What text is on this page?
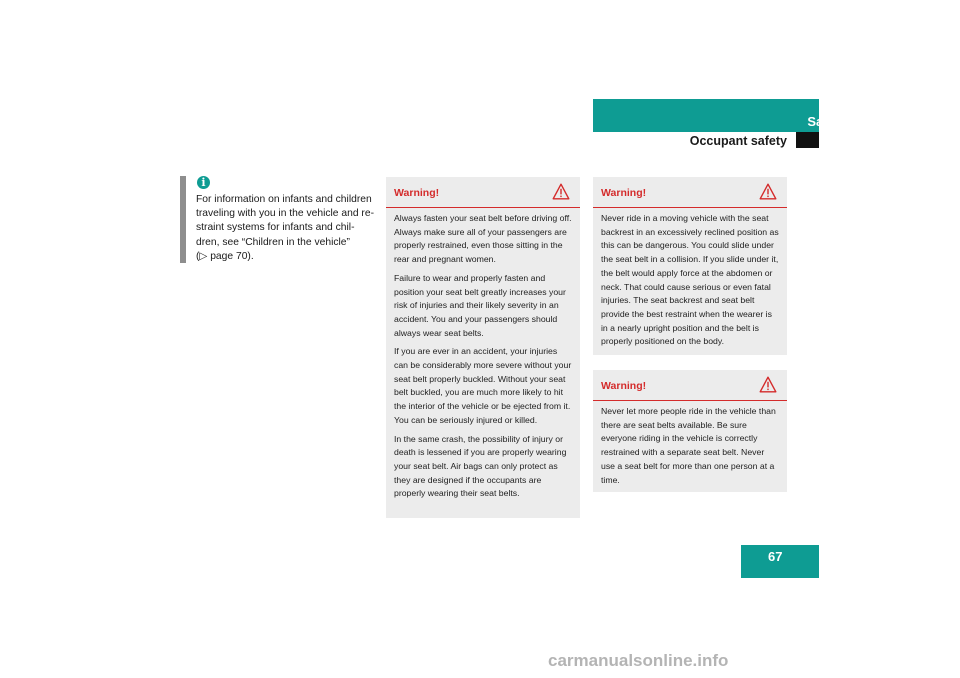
Safety and Security
Occupant safety
i

For information on infants and children

traveling with you in the vehicle and re-

straint systems for infants and chil-

dren, see “Children in the vehicle”

(▷ page 70).

Warning!

Always fasten your seat belt before driving off. Always make sure all of your passengers are properly restrained, even those sitting in the rear and pregnant women.

Failure to wear and properly fasten and position your seat belt greatly increases your risk of injuries and their likely severity in an accident. You and your passengers should always wear seat belts.

If you are ever in an accident, your injuries can be considerably more severe without your seat belt properly buckled. Without your seat belt buckled, you are much more likely to hit the interior of the vehicle or be ejected from it. You can be seriously injured or killed.

In the same crash, the possibility of injury or death is lessened if you are properly wearing your seat belt. Air bags can only protect as they are designed if the occupants are properly wearing their seat belts.

Warning!

Never ride in a moving vehicle with the seat backrest in an excessively reclined position as this can be dangerous. You could slide under the seat belt in a collision. If you slide under it, the belt would apply force at the abdomen or neck. That could cause serious or even fatal injuries. The seat backrest and seat belt provide the best restraint when the wearer is in a nearly upright position and the belt is properly positioned on the body.

Warning!

Never let more people ride in the vehicle than there are seat belts available. Be sure everyone riding in the vehicle is correctly restrained with a separate seat belt. Never use a seat belt for more than one person at a time.

67
carmanualsonline.info
